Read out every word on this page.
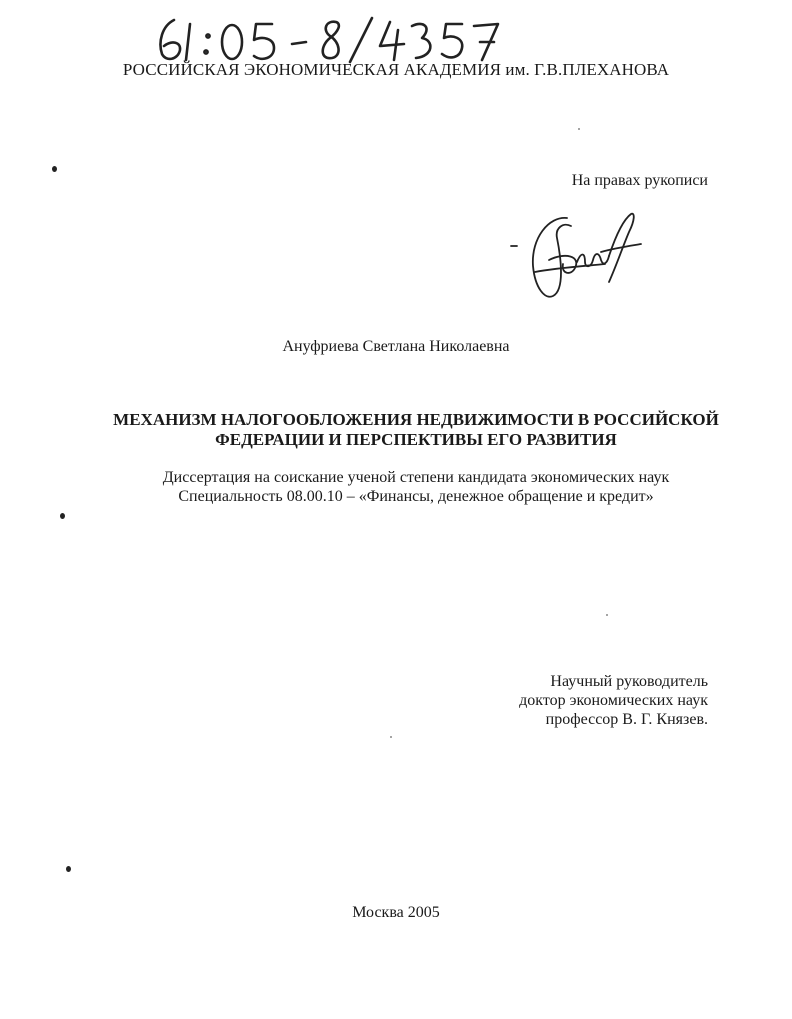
РОССИЙСКАЯ ЭКОНОМИЧЕСКАЯ АКАДЕМИЯ им. Г.В.ПЛЕХАНОВА
На правах рукописи
Ануфриева Светлана Николаевна
МЕХАНИЗМ НАЛОГООБЛОЖЕНИЯ НЕДВИЖИМОСТИ В РОССИЙСКОЙ
ФЕДЕРАЦИИ И ПЕРСПЕКТИВЫ ЕГО РАЗВИТИЯ
Диссертация на соискание ученой степени кандидата экономических наук
Специальность 08.00.10 – «Финансы, денежное обращение и кредит»
Научный руководитель
доктор экономических наук
профессор В. Г. Князев.
Москва 2005
